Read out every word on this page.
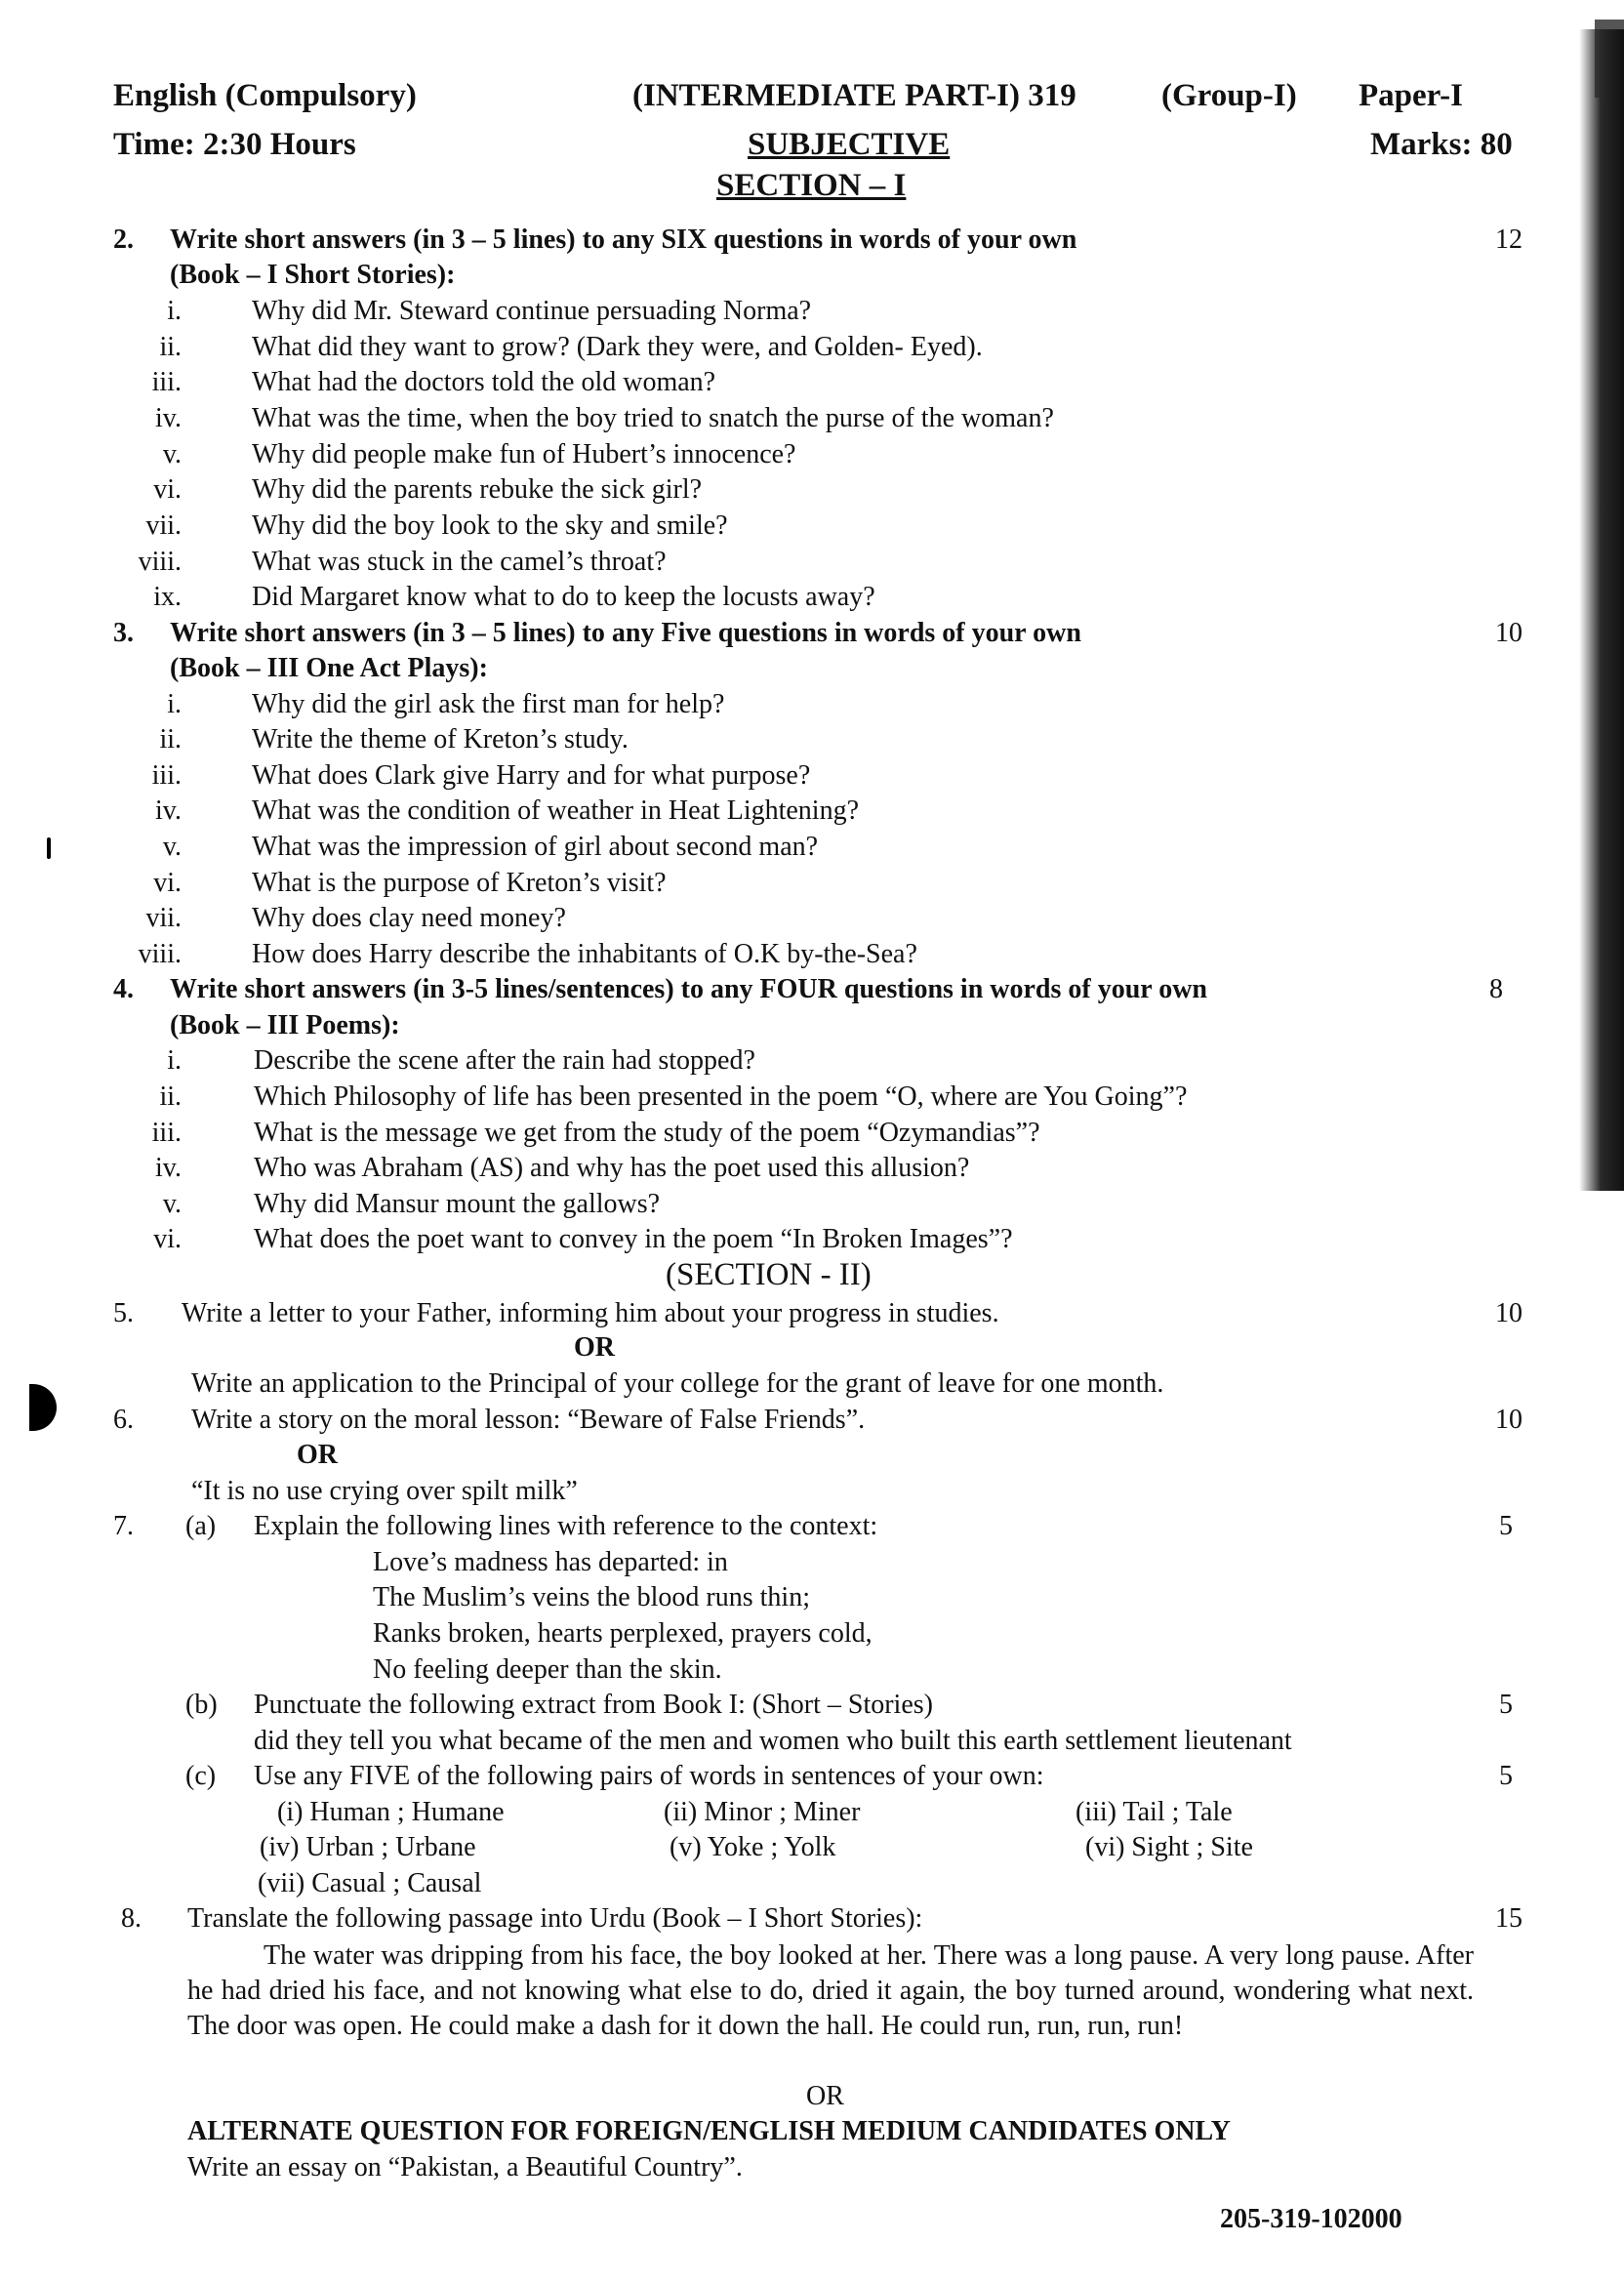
English (Compulsory)	(INTERMEDIATE PART-I) 319	(Group-I) Paper-I
Time: 2:30 Hours	SUBJECTIVE	Marks: 80
SECTION – I
2. Write short answers (in 3 – 5 lines) to any SIX questions in words of your own	12
(Book – I Short Stories):
i.	Why did Mr. Steward continue persuading Norma?
ii.	What did they want to grow? (Dark they were, and Golden- Eyed).
iii.	What had the doctors told the old woman?
iv.	What was the time, when the boy tried to snatch the purse of the woman?
v.	Why did people make fun of Hubert’s innocence?
vi.	Why did the parents rebuke the sick girl?
vii.	Why did the boy look to the sky and smile?
viii.	What was stuck in the camel’s throat?
ix.	Did Margaret know what to do to keep the locusts away?
3. Write short answers (in 3 – 5 lines) to any Five questions in words of your own	10
(Book – III One Act Plays):
i.	Why did the girl ask the first man for help?
ii.	Write the theme of Kreton’s study.
iii.	What does Clark give Harry and for what purpose?
iv.	What was the condition of weather in Heat Lightening?
v.	What was the impression of girl about second man?
vi.	What is the purpose of Kreton’s visit?
vii.	Why does clay need money?
viii.	How does Harry describe the inhabitants of O.K by-the-Sea?
4. Write short answers (in 3-5 lines/sentences) to any FOUR questions in words of your own	8
(Book – III Poems):
i.	Describe the scene after the rain had stopped?
ii.	Which Philosophy of life has been presented in the poem “O, where are You Going”?
iii.	What is the message we get from the study of the poem “Ozymandias”?
iv.	Who was Abraham (AS) and why has the poet used this allusion?
v.	Why did Mansur mount the gallows?
vi.	What does the poet want to convey in the poem “In Broken Images”?
(SECTION - II)
5. Write a letter to your Father, informing him about your progress in studies.	10
OR
Write an application to the Principal of your college for the grant of leave for one month.
6. Write a story on the moral lesson: “Beware of False Friends”.	10
OR
“It is no use crying over spilt milk”
7. (a) Explain the following lines with reference to the context:	5
Love’s madness has departed: in
The Muslim’s veins the blood runs thin;
Ranks broken, hearts perplexed, prayers cold,
No feeling deeper than the skin.
(b) Punctuate the following extract from Book I: (Short – Stories)	5
did they tell you what became of the men and women who built this earth settlement lieutenant
(c) Use any FIVE of the following pairs of words in sentences of your own:	5
(i) Human ; Humane	(ii) Minor ; Miner	(iii) Tail ; Tale
(iv) Urban ; Urbane	(v) Yoke ; Yolk	(vi) Sight ; Site
(vii) Casual ; Causal
8. Translate the following passage into Urdu (Book – I Short Stories):	15
The water was dripping from his face, the boy looked at her. There was a long pause. A very long pause. After he had dried his face, and not knowing what else to do, dried it again, the boy turned around, wondering what next. The door was open. He could make a dash for it down the hall. He could run, run, run, run!
OR
ALTERNATE QUESTION FOR FOREIGN/ENGLISH MEDIUM CANDIDATES ONLY
Write an essay on “Pakistan, a Beautiful Country”.
205-319-102000
